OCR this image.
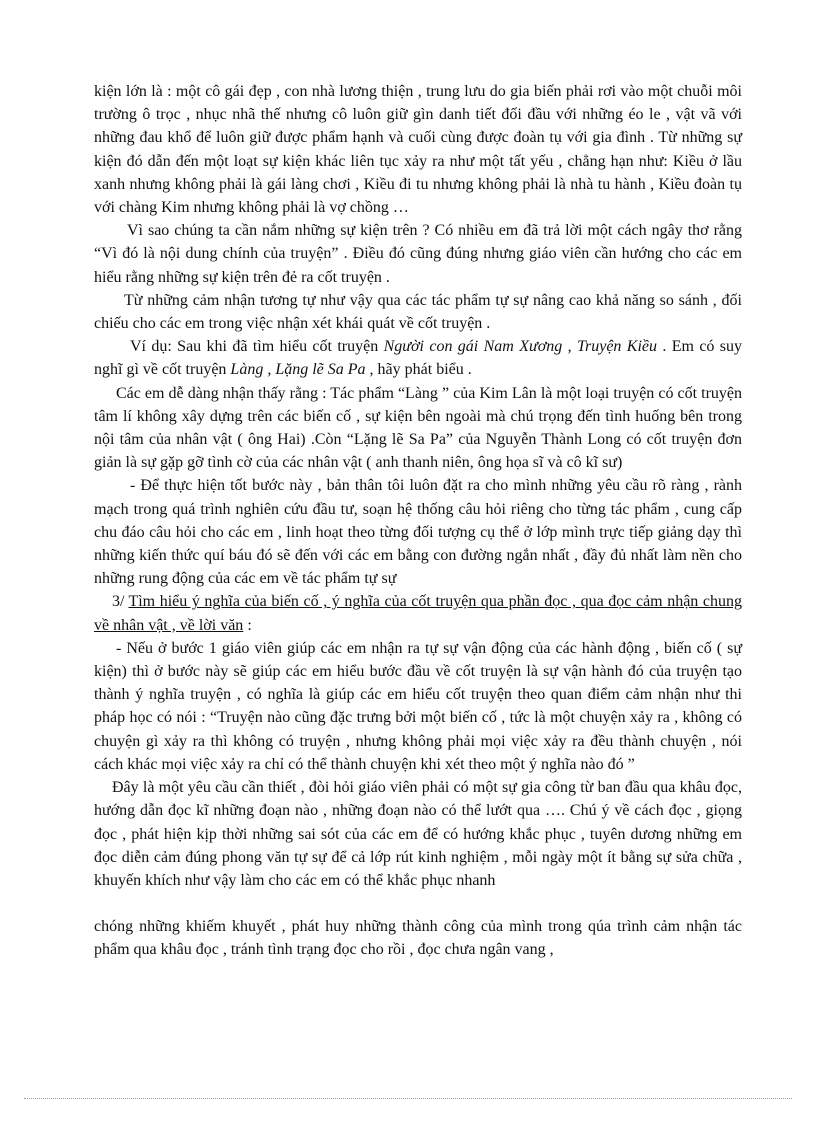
kiện lớn là : một cô gái đẹp , con nhà lương thiện , trung lưu do gia biến phải rơi vào một chuỗi môi trường ô trọc , nhục nhã thế nhưng cô luôn giữ gìn danh tiết đối đầu với những éo le , vật vã với những đau khổ để luôn giữ được phẩm hạnh và cuối cùng được đoàn tụ với gia đình . Từ những sự kiện đó dẫn đến một loạt sự kiện khác liên tục xảy ra như một tất yếu , chẳng hạn như: Kiều ở lầu xanh nhưng không phải là gái làng chơi , Kiều đi tu nhưng không phải là nhà tu hành , Kiều đoàn tụ với chàng Kim nhưng không phải là vợ chồng …

Vì sao chúng ta cần nắm những sự kiện trên ? Có nhiều em đã trả lời một cách ngây thơ rằng “Vì đó là nội dung chính của truyện” . Điều đó cũng đúng nhưng giáo viên cần hướng cho các em hiểu rằng những sự kiện trên đẻ ra cốt truyện .

Từ những cảm nhận tương tự như vậy qua các tác phẩm tự sự nâng cao khả năng so sánh , đối chiếu cho các em trong việc nhận xét khái quát về cốt truyện .

Ví dụ: Sau khi đã tìm hiểu cốt truyện Người con gái Nam Xương , Truyện Kiều . Em có suy nghĩ gì về cốt truyện Làng , Lặng lẽ Sa Pa , hãy phát biểu .

Các em dễ dàng nhận thấy rằng : Tác phẩm “Làng ” của Kim Lân là một loại truyện có cốt truyện tâm lí không xây dựng trên các biến cố , sự kiện bên ngoài mà chú trọng đến tình huống bên trong nội tâm của nhân vật ( ông Hai) .Còn “Lặng lẽ Sa Pa” của Nguyễn Thành Long có cốt truyện đơn giản là sự gặp gỡ tình cờ của các nhân vật ( anh thanh niên, ông họa sĩ và cô kĩ sư)

- Để thực hiện tốt bước này , bản thân tôi luôn đặt ra cho mình những yêu cầu rõ ràng , rành mạch trong quá trình nghiên cứu đầu tư, soạn hệ thống câu hỏi riêng cho từng tác phẩm , cung cấp chu đáo câu hỏi cho các em , linh hoạt theo từng đối tượng cụ thể ở lớp mình trực tiếp giảng dạy thì những kiến thức quí báu đó sẽ đến với các em bằng con đường ngắn nhất , đầy đủ nhất làm nền cho những rung động của các em về tác phẩm tự sự

3/ Tìm hiểu ý nghĩa của biến cố , ý nghĩa của cốt truyện qua phần đọc , qua đọc cảm nhận chung về nhân vật , về lời văn :

- Nếu ở bước 1 giáo viên giúp các em nhận ra tự sự vận động của các hành động , biến cố ( sự kiện) thì ở bước này sẽ giúp các em hiểu bước đầu về cốt truyện là sự vận hành đó của truyện tạo thành ý nghĩa truyện , có nghĩa là giúp các em hiểu cốt truyện theo quan điểm cảm nhận như thi pháp học có nói : “Truyện nào cũng đặc trưng bởi một biến cố , tức là một chuyện xảy ra , không có chuyện gì xảy ra thì không có truyện , nhưng không phải mọi việc xảy ra đều thành chuyện , nói cách khác mọi việc xảy ra chỉ có thể thành chuyện khi xét theo một ý nghĩa nào đó ”

Đây là một yêu cầu cần thiết , đòi hỏi giáo viên phải có một sự gia công từ ban đầu qua khâu đọc, hướng dẫn đọc kĩ những đoạn nào , những đoạn nào có thể lướt qua …. Chú ý về cách đọc , giọng đọc , phát hiện kịp thời những sai sót của các em để có hướng khắc phục , tuyên dương những em đọc diễn cảm đúng phong văn tự sự để cả lớp rút kinh nghiệm , mỗi ngày một ít bằng sự sửa chữa , khuyến khích như vậy làm cho các em có thể khắc phục nhanh

chóng những khiếm khuyết , phát huy những thành công của mình trong qúa trình cảm nhận tác phẩm qua khâu đọc , tránh tình trạng đọc cho rồi , đọc chưa ngân vang ,
